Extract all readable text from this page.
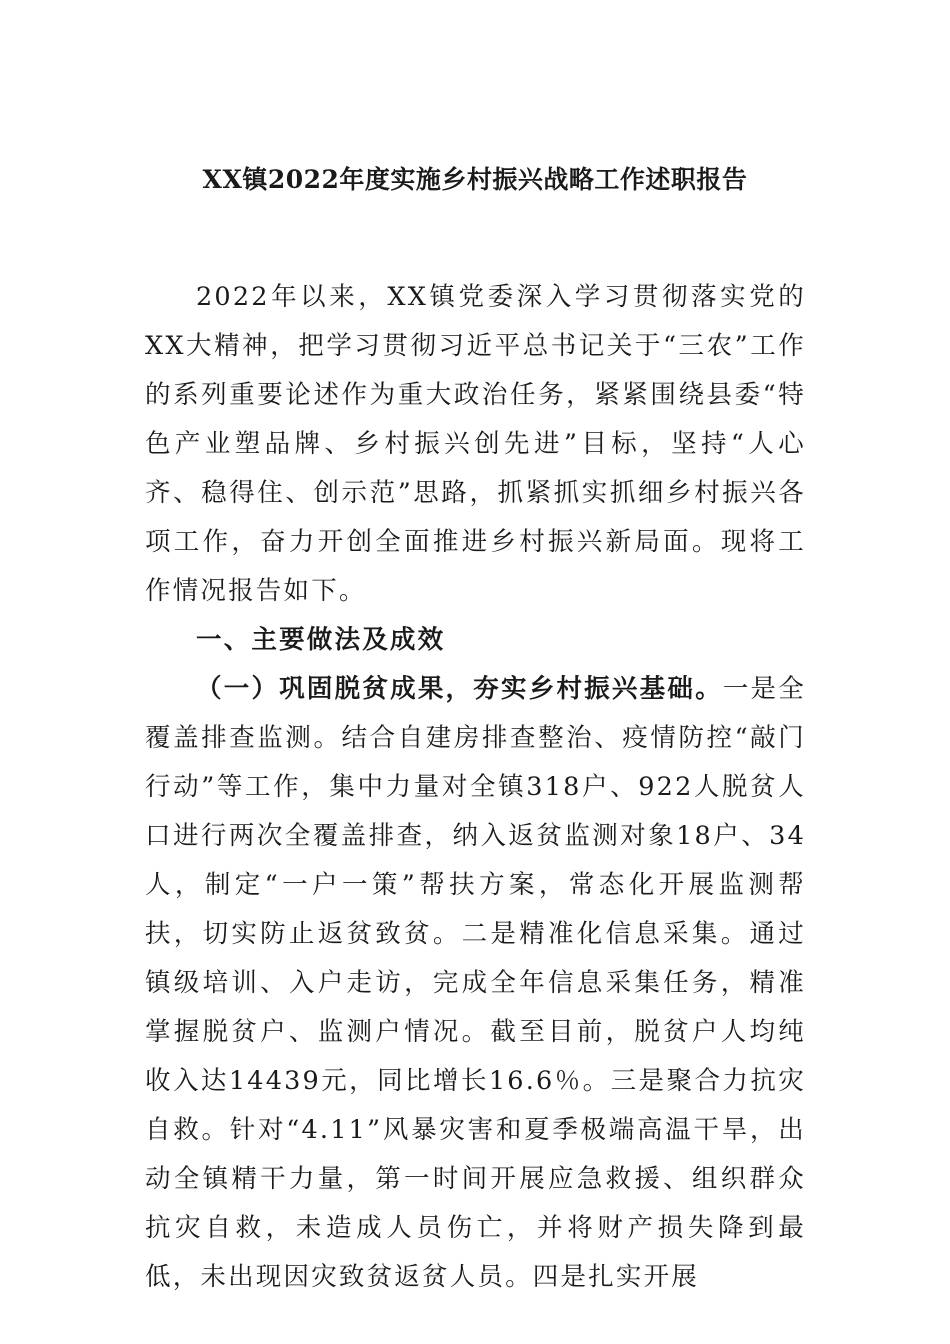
XX镇2022年度实施乡村振兴战略工作述职报告

2022年以来，XX镇党委深入学习贯彻落实党的XX大精神，把学习贯彻习近平总书记关于“三农”工作的系列重要论述作为重大政治任务，紧紧围绕县委“特色产业塑品牌、乡村振兴创先进”目标，坚持“人心齐、稳得住、创示范”思路，抓紧抓实抓细乡村振兴各项工作，奋力开创全面推进乡村振兴新局面。现将工作情况报告如下。

一、主要做法及成效

（一）巩固脱贫成果，夯实乡村振兴基础。一是全覆盖排查监测。结合自建房排查整治、疫情防控“敲门行动”等工作，集中力量对全镇318户、922人脱贫人口进行两次全覆盖排查，纳入返贫监测对象18户、34人，制定“一户一策”帮扶方案，常态化开展监测帮扶，切实防止返贫致贫。二是精准化信息采集。通过镇级培训、入户走访，完成全年信息采集任务，精准掌握脱贫户、监测户情况。截至目前，脱贫户人均纯收入达14439元，同比增长16.6％。三是聚合力抗灾自救。针对“4.11”风暴灾害和夏季极端高温干旱，出动全镇精干力量，第一时间开展应急救援、组织群众抗灾自救，未造成人员伤亡，并将财产损失降到最低，未出现因灾致贫返贫人员。四是扎实开展
